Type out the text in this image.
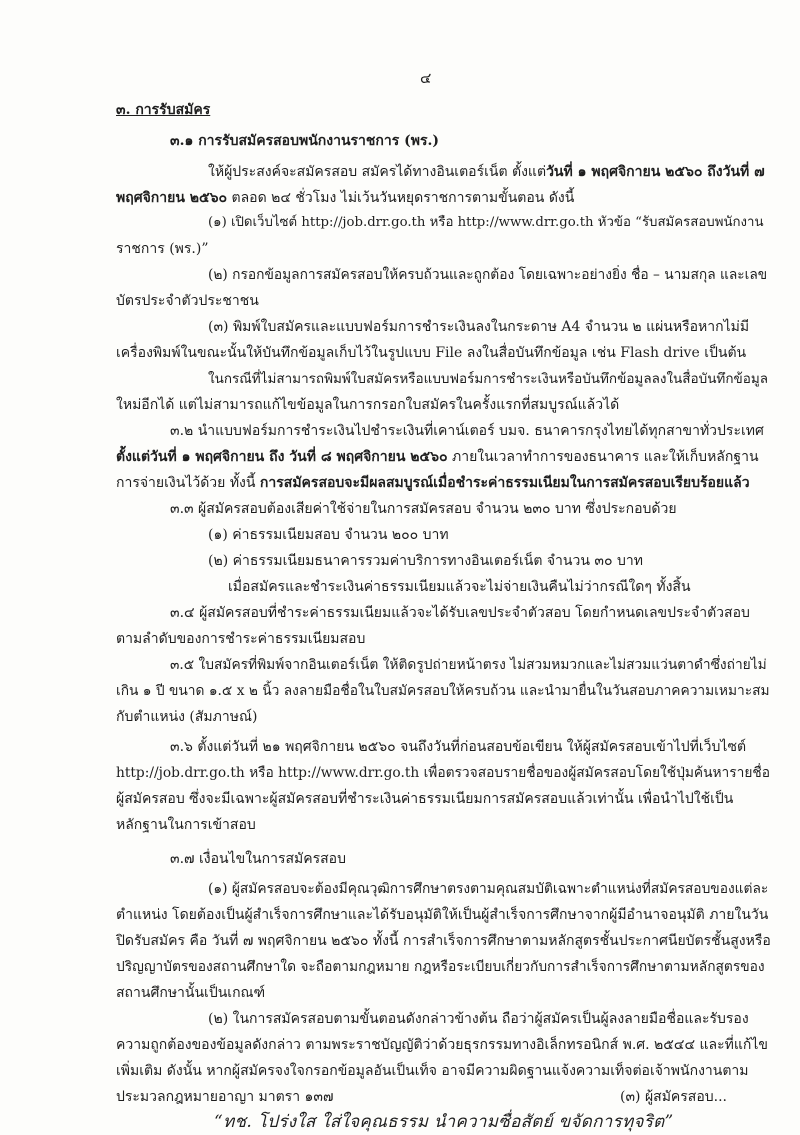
๔
๓. การรับสมัคร
๓.๑ การรับสมัครสอบพนักงานราชการ (พร.)
ให้ผู้ประสงค์จะสมัครสอบ สมัครได้ทางอินเตอร์เน็ต ตั้งแต่วันที่ ๑ พฤศจิกายน ๒๕๖๐ ถึงวันที่ ๗
พฤศจิกายน ๒๕๖๐ ตลอด ๒๔ ชั่วโมง ไม่เว้นวันหยุดราชการตามขั้นตอน ดังนี้
(๑) เปิดเว็บไซต์ http://job.drr.go.th หรือ http://www.drr.go.th หัวข้อ “รับสมัครสอบพนักงาน
ราชการ (พร.)”
(๒) กรอกข้อมูลการสมัครสอบให้ครบถ้วนและถูกต้อง โดยเฉพาะอย่างยิ่ง ชื่อ – นามสกุล และเลข
บัตรประจำตัวประชาชน
(๓) พิมพ์ใบสมัครและแบบฟอร์มการชำระเงินลงในกระดาษ A4 จำนวน ๒ แผ่นหรือหากไม่มี
เครื่องพิมพ์ในขณะนั้นให้บันทึกข้อมูลเก็บไว้ในรูปแบบ File ลงในสื่อบันทึกข้อมูล เช่น Flash drive เป็นต้น
ในกรณีที่ไม่สามารถพิมพ์ใบสมัครหรือแบบฟอร์มการชำระเงินหรือบันทึกข้อมูลลงในสื่อบันทึกข้อมูล
ใหม่อีกได้ แต่ไม่สามารถแก้ไขข้อมูลในการกรอกใบสมัครในครั้งแรกที่สมบูรณ์แล้วได้
๓.๒ นำแบบฟอร์มการชำระเงินไปชำระเงินที่เคาน์เตอร์ บมจ. ธนาคารกรุงไทยได้ทุกสาขาทั่วประเทศ
ตั้งแต่วันที่ ๑ พฤศจิกายน ถึง วันที่ ๘ พฤศจิกายน ๒๕๖๐ ภายในเวลาทำการของธนาคาร และให้เก็บหลักฐาน
การจ่ายเงินไว้ด้วย ทั้งนี้ การสมัครสอบจะมีผลสมบูรณ์เมื่อชำระค่าธรรมเนียมในการสมัครสอบเรียบร้อยแล้ว
๓.๓ ผู้สมัครสอบต้องเสียค่าใช้จ่ายในการสมัครสอบ จำนวน ๒๓๐ บาท ซึ่งประกอบด้วย
(๑) ค่าธรรมเนียมสอบ จำนวน ๒๐๐ บาท
(๒) ค่าธรรมเนียมธนาคารรวมค่าบริการทางอินเตอร์เน็ต จำนวน ๓๐ บาท
เมื่อสมัครและชำระเงินค่าธรรมเนียมแล้วจะไม่จ่ายเงินคืนไม่ว่ากรณีใดๆ ทั้งสิ้น
๓.๔ ผู้สมัครสอบที่ชำระค่าธรรมเนียมแล้วจะได้รับเลขประจำตัวสอบ โดยกำหนดเลขประจำตัวสอบ
ตามลำดับของการชำระค่าธรรมเนียมสอบ
๓.๕ ใบสมัครที่พิมพ์จากอินเตอร์เน็ต ให้ติดรูปถ่ายหน้าตรง ไม่สวมหมวกและไม่สวมแว่นตาดำซึ่งถ่ายไม่
เกิน ๑ ปี ขนาด ๑.๕ x ๒ นิ้ว ลงลายมือชื่อในใบสมัครสอบให้ครบถ้วน และนำมายื่นในวันสอบภาคความเหมาะสม
กับตำแหน่ง (สัมภาษณ์)
๓.๖ ตั้งแต่วันที่ ๒๑ พฤศจิกายน ๒๕๖๐ จนถึงวันที่ก่อนสอบข้อเขียน ให้ผู้สมัครสอบเข้าไปที่เว็บไซต์
http://job.drr.go.th หรือ http://www.drr.go.th เพื่อตรวจสอบรายชื่อของผู้สมัครสอบโดยใช้ปุ่มค้นหารายชื่อ
ผู้สมัครสอบ ซึ่งจะมีเฉพาะผู้สมัครสอบที่ชำระเงินค่าธรรมเนียมการสมัครสอบแล้วเท่านั้น เพื่อนำไปใช้เป็น
หลักฐานในการเข้าสอบ
๓.๗ เงื่อนไขในการสมัครสอบ
(๑) ผู้สมัครสอบจะต้องมีคุณวุฒิการศึกษาตรงตามคุณสมบัติเฉพาะตำแหน่งที่สมัครสอบของแต่ละ
ตำแหน่ง โดยต้องเป็นผู้สำเร็จการศึกษาและได้รับอนุมัติให้เป็นผู้สำเร็จการศึกษาจากผู้มีอำนาจอนุมัติ ภายในวัน
ปิดรับสมัคร คือ วันที่ ๗ พฤศจิกายน ๒๕๖๐ ทั้งนี้ การสำเร็จการศึกษาตามหลักสูตรชั้นประกาศนียบัตรชั้นสูงหรือ
ปริญญาบัตรของสถานศึกษาใด จะถือตามกฎหมาย กฎหรือระเบียบเกี่ยวกับการสำเร็จการศึกษาตามหลักสูตรของ
สถานศึกษานั้นเป็นเกณฑ์
(๒) ในการสมัครสอบตามขั้นตอนดังกล่าวข้างต้น ถือว่าผู้สมัครเป็นผู้ลงลายมือชื่อและรับรอง
ความถูกต้องของข้อมูลดังกล่าว ตามพระราชบัญญัติว่าด้วยธุรกรรมทางอิเล็กทรอนิกส์ พ.ศ. ๒๕๔๔ และที่แก้ไข
เพิ่มเติม ดังนั้น หากผู้สมัครจงใจกรอกข้อมูลอันเป็นเท็จ อาจมีความผิดฐานแจ้งความเท็จต่อเจ้าพนักงานตาม
ประมวลกฎหมายอาญา มาตรา ๑๓๗	(๓) ผู้สมัครสอบ...
“ทช. โปร่งใส ใส่ใจคุณธรรม นำความซื่อสัตย์ ขจัดการทุจริต”
